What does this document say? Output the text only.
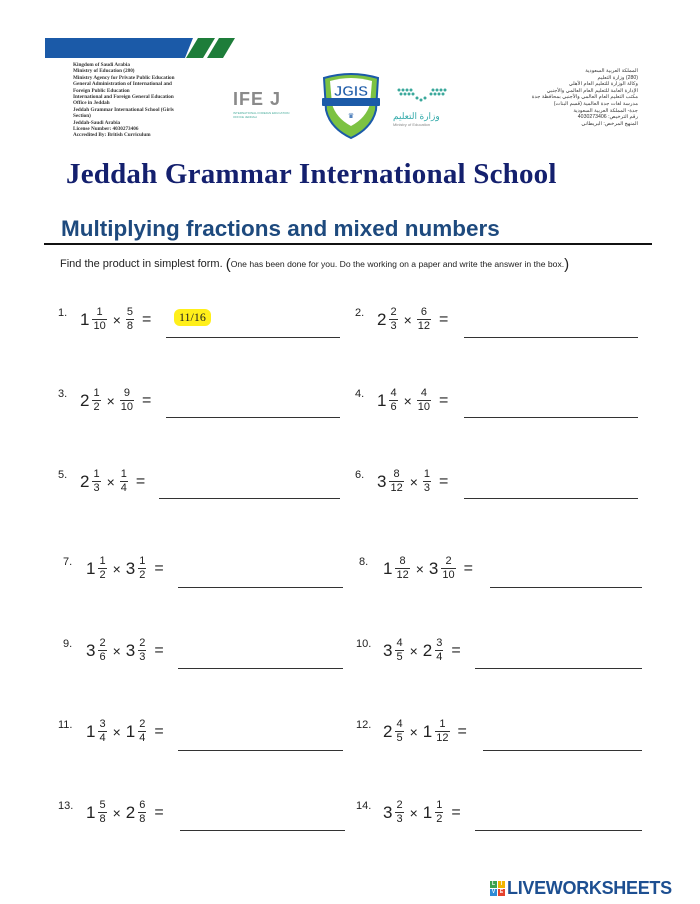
Kingdom of Saudi Arabia
Ministry of Education (280)
Ministry Agency for Private Public Education
General Administration of International and
Foreign Public Education
International and Foreign General Education
Office in Jeddah
Jeddah Grammar International School (Girls
Section)
Jeddah-Saudi Arabia
License Number: 4030273406
Accredited By: British Curriculum
IFE J
INTERNATIONAL FOREIGN EDUCATION OFFICE JEDDAH
JGIS
♛	وزارة التعليم
Ministry of Education
المملكة العربية السعودية
(280) وزارة التعليم
وكالة الوزارة للتعليم العام الأهلي
الإدارة العامة للتعليم العام العالمي والأجنبي
مكتب التعليم العام العالمي والأجنبي بمحافظة جدة
مدرسة لغات جدة العالمية (قسم البنات)
جدة- المملكة العربية السعودية
رقم الترخيص: 4030273406
المنهج المرخص: البريطاني
Jeddah Grammar International School
Multiplying fractions and mixed numbers
Find the product in simplest form. (One has been done for you. Do the working on a paper and write the answer in the box.)
1. $1 \frac{1}{10} \times \frac{5}{8}$ =	11/16	2. $2 \frac{2}{3} \times \frac{6}{12}$ =
3. $2 \frac{1}{2} \times \frac{9}{10}$ =	4. $1 \frac{4}{6} \times \frac{4}{10}$ =
5. $2 \frac{1}{3} \times \frac{1}{4}$ =	6. $3 \frac{8}{12} \times \frac{1}{3}$ =
7. $1 \frac{1}{2} \times 3 \frac{1}{2}$ =	8. $1 \frac{8}{12} \times 3 \frac{2}{10}$ =
9. $3 \frac{2}{6} \times 3 \frac{2}{3}$ =	10. $3 \frac{4}{5} \times 2 \frac{3}{4}$ =
11. $1 \frac{3}{4} \times 1 \frac{2}{4}$ =	12. $2 \frac{4}{5} \times 1 \frac{1}{12}$ =
13. $1 \frac{5}{8} \times 2 \frac{6}{8}$ =	14. $3 \frac{2}{3} \times 1 \frac{1}{2}$ =
L	I
V E LIVEWORKSHEETS
